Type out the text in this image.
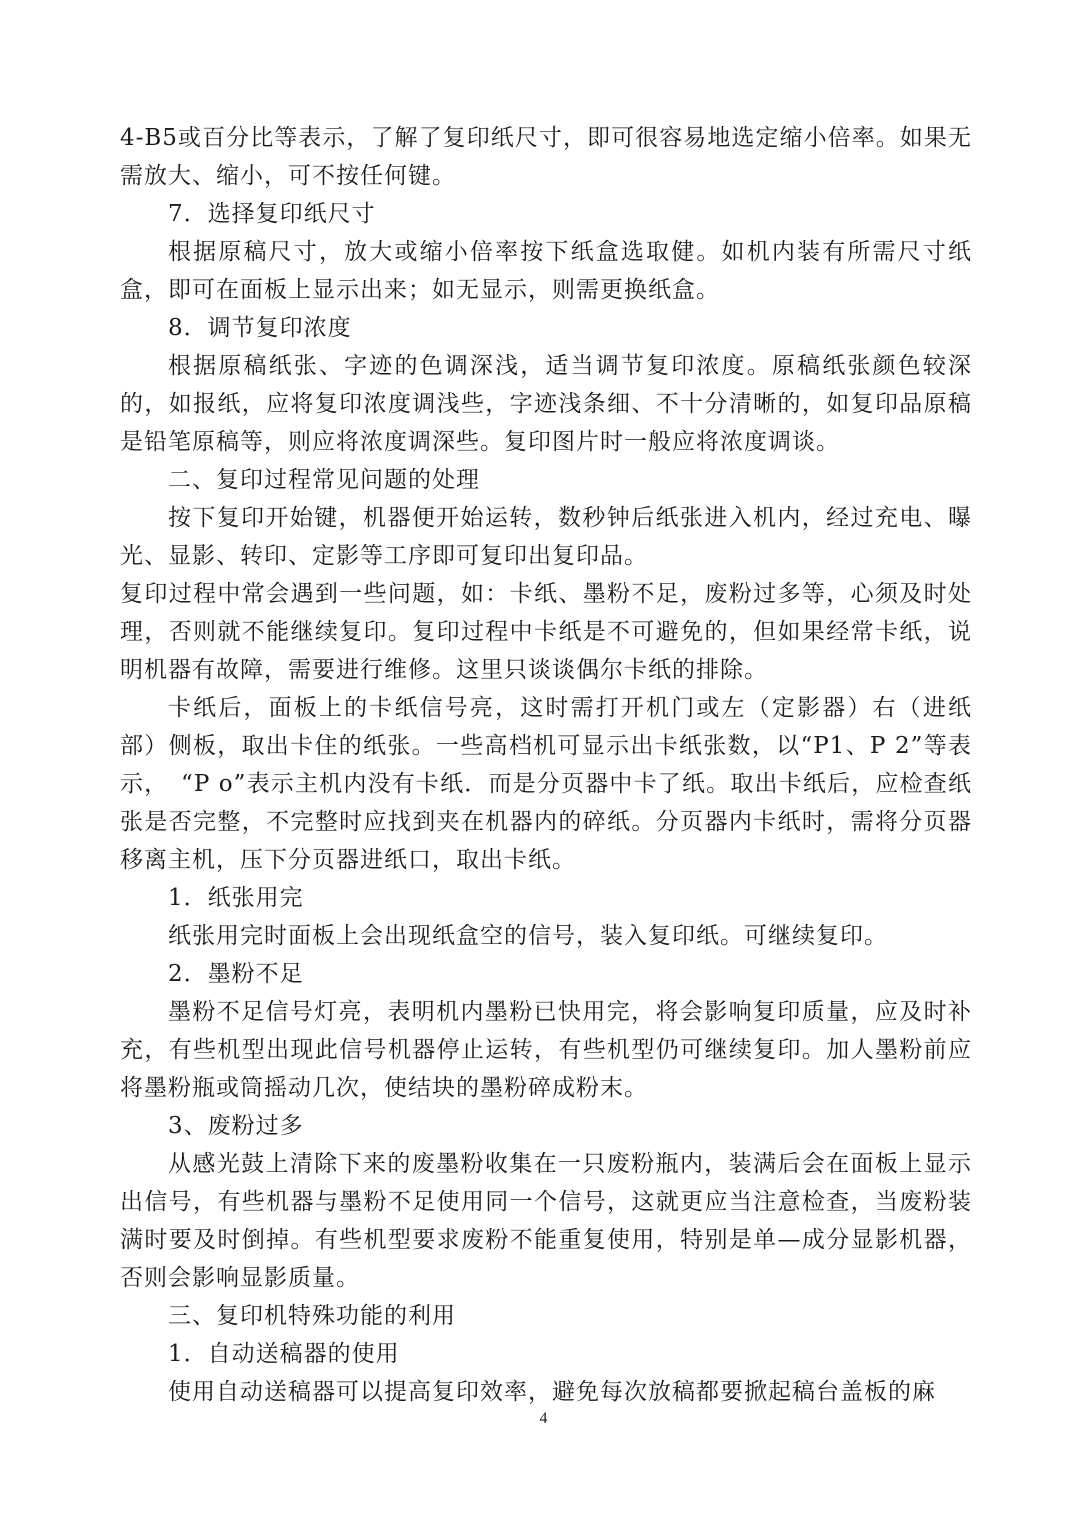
4-B5或百分比等表示，了解了复印纸尺寸，即可很容易地选定缩小倍率。如果无需放大、缩小，可不按任何键。

7．选择复印纸尺寸

根据原稿尺寸，放大或缩小倍率按下纸盒选取健。如机内装有所需尺寸纸盒，即可在面板上显示出来；如无显示，则需更换纸盒。

8．调节复印浓度

根据原稿纸张、字迹的色调深浅，适当调节复印浓度。原稿纸张颜色较深的，如报纸，应将复印浓度调浅些，字迹浅条细、不十分清晰的，如复印品原稿是铅笔原稿等，则应将浓度调深些。复印图片时一般应将浓度调谈。

二、复印过程常见问题的处理

按下复印开始键，机器便开始运转，数秒钟后纸张进入机内，经过充电、曝光、显影、转印、定影等工序即可复印出复印品。

复印过程中常会遇到一些问题，如：卡纸、墨粉不足，废粉过多等，心须及时处理，否则就不能继续复印。复印过程中卡纸是不可避免的，但如果经常卡纸，说明机器有故障，需要进行维修。这里只谈谈偶尔卡纸的排除。

卡纸后，面板上的卡纸信号亮，这时需打开机门或左（定影器）右（进纸部）侧板，取出卡住的纸张。一些高档机可显示出卡纸张数，以“P1、P 2”等表示，　“P o”表示主机内没有卡纸．而是分页器中卡了纸。取出卡纸后，应检查纸张是否完整，不完整时应找到夹在机器内的碎纸。分页器内卡纸时，需将分页器移离主机，压下分页器进纸口，取出卡纸。

1．纸张用完

纸张用完时面板上会出现纸盒空的信号，装入复印纸。可继续复印。

2．墨粉不足

墨粉不足信号灯亮，表明机内墨粉已快用完，将会影响复印质量，应及时补充，有些机型出现此信号机器停止运转，有些机型仍可继续复印。加人墨粉前应将墨粉瓶或筒摇动几次，使结块的墨粉碎成粉末。

3、废粉过多

从感光鼓上清除下来的废墨粉收集在一只废粉瓶内，装满后会在面板上显示出信号，有些机器与墨粉不足使用同一个信号，这就更应当注意检查，当废粉装满时要及时倒掉。有些机型要求废粉不能重复使用，特别是单—成分显影机器，否则会影响显影质量。

三、复印机特殊功能的利用

1．自动送稿器的使用

使用自动送稿器可以提高复印效率，避免每次放稿都要掀起稿台盖板的麻

4
